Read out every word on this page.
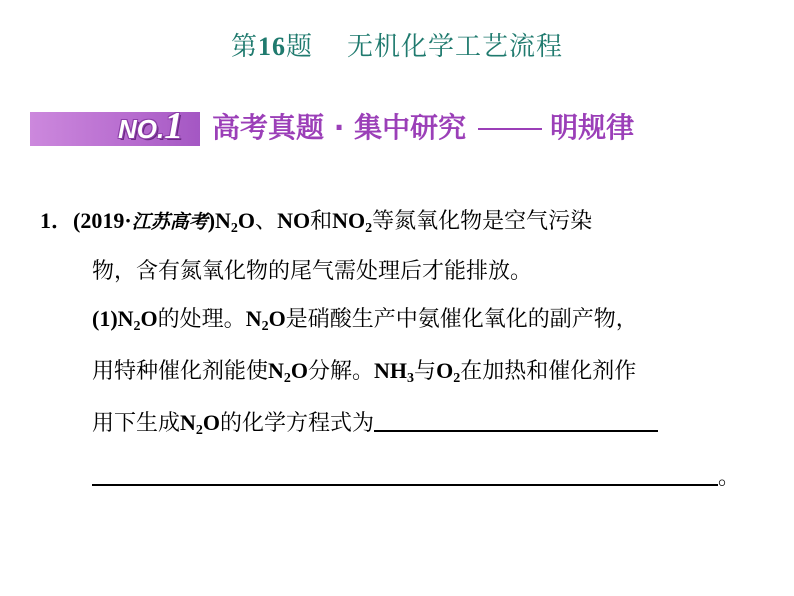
第16题 无机化学工艺流程
NO.1 高考真题 · 集中研究	明规律
1．(2019·江苏高考)$N_2O$、NO和$NO_2$等氮氧化物是空气污染
物，含有氮氧化物的尾气需处理后才能排放。
$(1)N_2O$的处理。$N_2O$是硝酸生产中氨催化氧化的副产物，
用特种催化剂能使$N_2O$分解。$NH_3$与$O_2$在加热和催化剂作
用下生成$N_2O$的化学方程式为
。
